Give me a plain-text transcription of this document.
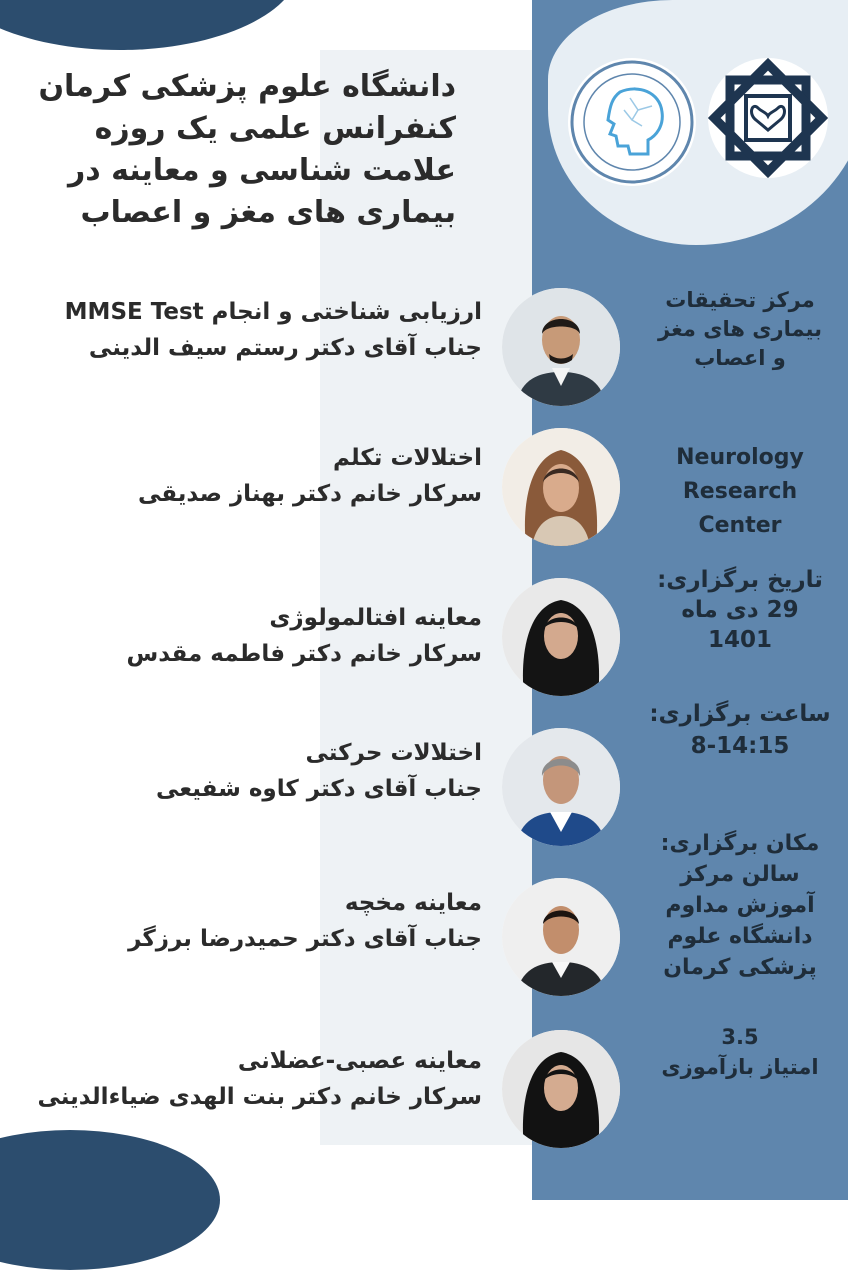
دانشگاه علوم پزشکی کرمان
کنفرانس علمی یک روزه
علامت شناسی و معاینه در
بیماری های مغز و اعصاب
ارزیابی شناختی و انجام MMSE Test
جناب آقای دکتر رستم سیف الدینی
اختلالات تکلم
سرکار خانم دکتر بهناز صدیقی
معاینه افتالمولوژی
سرکار خانم دکتر فاطمه مقدس
اختلالات حرکتی
جناب آقای دکتر کاوه شفیعی
معاینه مخچه
جناب آقای دکتر حمیدرضا برزگر
معاینه عصبی-عضلانی
سرکار خانم دکتر بنت الهدی ضیاءالدینی
مرکز تحقیقات
بیماری های مغز
و اعصاب
Neurology
Research
Center
تاریخ برگزاری:
29 دی ماه
1401
ساعت برگزاری:
8-14:15
مکان برگزاری:
سالن مرکز
آموزش مداوم
دانشگاه علوم
پزشکی کرمان
3.5
امتیاز بازآموزی
